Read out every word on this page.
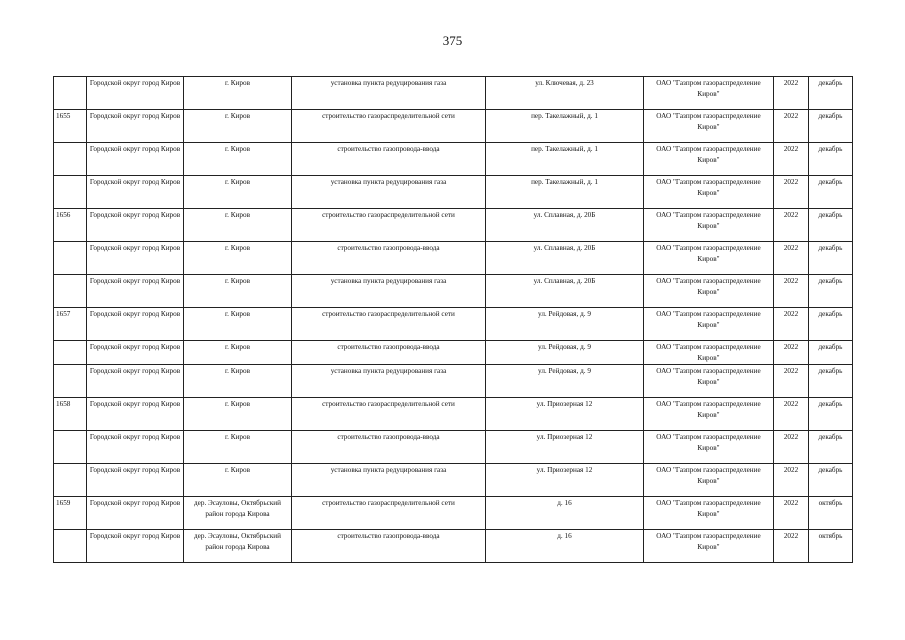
375
	Городской округ город Киров	г. Киров	установка пункта редуцирования газа	ул. Ключевая, д. 23	ОАО "Газпром газораспределение Киров"	2022	декабрь
1655	Городской округ город Киров	г. Киров	строительство газораспределительной сети	пер. Такелажный, д. 1	ОАО "Газпром газораспределение Киров"	2022	декабрь
	Городской округ город Киров	г. Киров	строительство газопровода-ввода	пер. Такелажный, д. 1	ОАО "Газпром газораспределение Киров"	2022	декабрь
	Городской округ город Киров	г. Киров	установка пункта редуцирования газа	пер. Такелажный, д. 1	ОАО "Газпром газораспределение Киров"	2022	декабрь
1656	Городской округ город Киров	г. Киров	строительство газораспределительной сети	ул. Сплавная, д. 20Б	ОАО "Газпром газораспределение Киров"	2022	декабрь
	Городской округ город Киров	г. Киров	строительство газопровода-ввода	ул. Сплавная, д. 20Б	ОАО "Газпром газораспределение Киров"	2022	декабрь
	Городской округ город Киров	г. Киров	установка пункта редуцирования газа	ул. Сплавная, д. 20Б	ОАО "Газпром газораспределение Киров"	2022	декабрь
1657	Городской округ город Киров	г. Киров	строительство газораспределительной сети	ул. Рейдовая, д. 9	ОАО "Газпром газораспределение Киров"	2022	декабрь
	Городской округ город Киров	г. Киров	строительство газопровода-ввода	ул. Рейдовая, д. 9	ОАО "Газпром газораспределение Киров"	2022	декабрь
	Городской округ город Киров	г. Киров	установка пункта редуцирования газа	ул. Рейдовая, д. 9	ОАО "Газпром газораспределение Киров"	2022	декабрь
1658	Городской округ город Киров	г. Киров	строительство газораспределительной сети	ул. Приозерная 12	ОАО "Газпром газораспределение Киров"	2022	декабрь
	Городской округ город Киров	г. Киров	строительство газопровода-ввода	ул. Приозерная 12	ОАО "Газпром газораспределение Киров"	2022	декабрь
	Городской округ город Киров	г. Киров	установка пункта редуцирования газа	ул. Приозерная 12	ОАО "Газпром газораспределение Киров"	2022	декабрь
1659	Городской округ город Киров	дер. Эсауловы, Октябрьский район города Кирова	строительство газораспределительной сети	д. 16	ОАО "Газпром газораспределение Киров"	2022	октябрь
	Городской округ город Киров	дер. Эсауловы, Октябрьский район города Кирова	строительство газопровода-ввода	д. 16	ОАО "Газпром газораспределение Киров"	2022	октябрь
